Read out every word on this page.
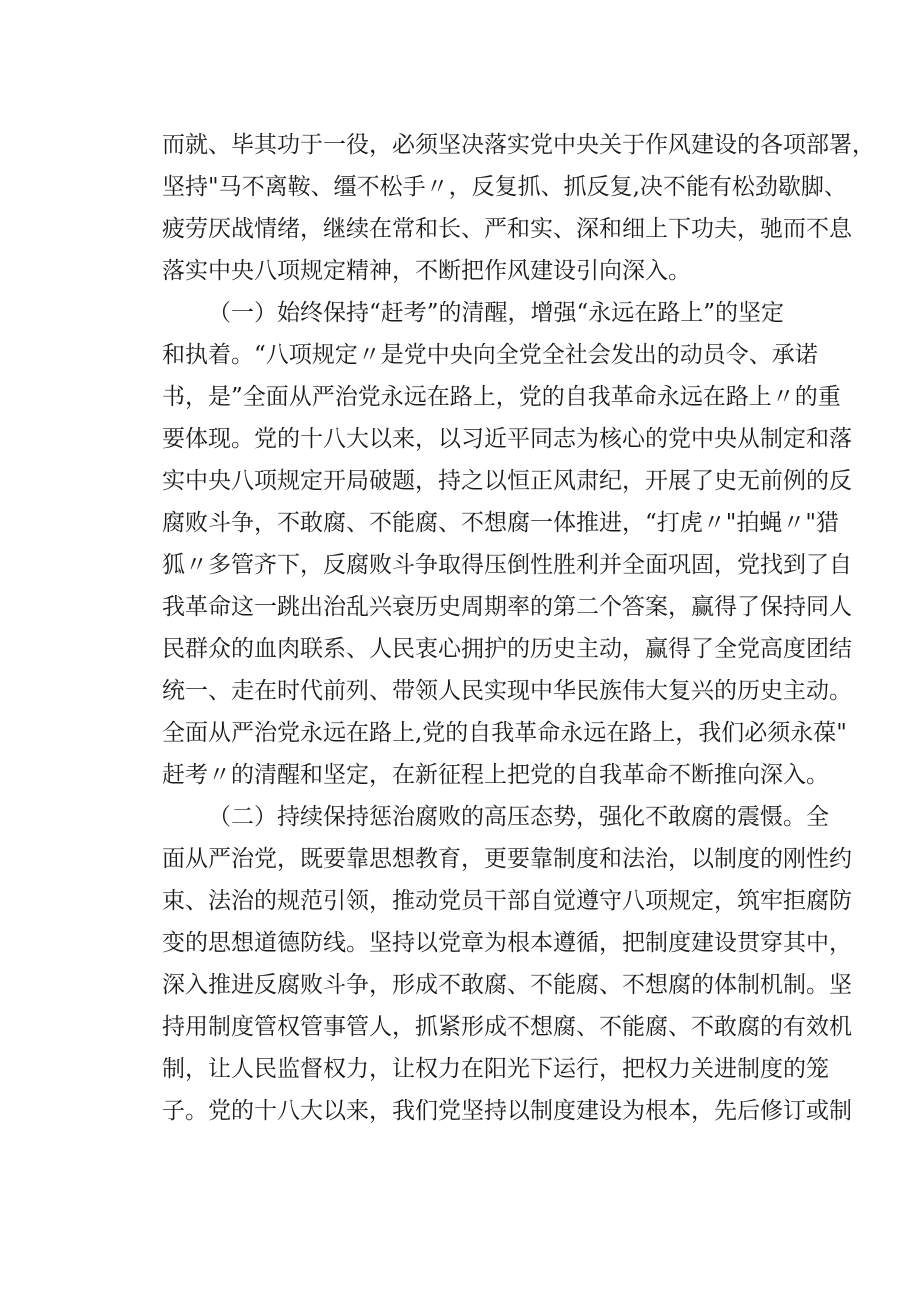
而就、毕其功于一役，必须坚决落实党中央关于作风建设的各项部署，
坚持"马不离鞍、缰不松手〃，反复抓、抓反复,决不能有松劲歇脚、
疲劳厌战情绪，继续在常和长、严和实、深和细上下功夫，驰而不息
落实中央八项规定精神，不断把作风建设引向深入。
（一）始终保持“赶考”的清醒，增强“永远在路上”的坚定
和执着。“八项规定〃是党中央向全党全社会发出的动员令、承诺
书，是”全面从严治党永远在路上，党的自我革命永远在路上〃的重
要体现。党的十八大以来，以习近平同志为核心的党中央从制定和落
实中央八项规定开局破题，持之以恒正风肃纪，开展了史无前例的反
腐败斗争，不敢腐、不能腐、不想腐一体推进，“打虎〃"拍蝇〃"猎
狐〃多管齐下，反腐败斗争取得压倒性胜利并全面巩固，党找到了自
我革命这一跳出治乱兴衰历史周期率的第二个答案，赢得了保持同人
民群众的血肉联系、人民衷心拥护的历史主动，赢得了全党高度团结
统一、走在时代前列、带领人民实现中华民族伟大复兴的历史主动。
全面从严治党永远在路上,党的自我革命永远在路上，我们必须永葆"
赶考〃的清醒和坚定，在新征程上把党的自我革命不断推向深入。
（二）持续保持惩治腐败的高压态势，强化不敢腐的震慑。全
面从严治党，既要靠思想教育，更要靠制度和法治，以制度的刚性约
束、法治的规范引领，推动党员干部自觉遵守八项规定，筑牢拒腐防
变的思想道德防线。坚持以党章为根本遵循，把制度建设贯穿其中，
深入推进反腐败斗争，形成不敢腐、不能腐、不想腐的体制机制。坚
持用制度管权管事管人，抓紧形成不想腐、不能腐、不敢腐的有效机
制，让人民监督权力，让权力在阳光下运行，把权力关进制度的笼
子。党的十八大以来，我们党坚持以制度建设为根本，先后修订或制
